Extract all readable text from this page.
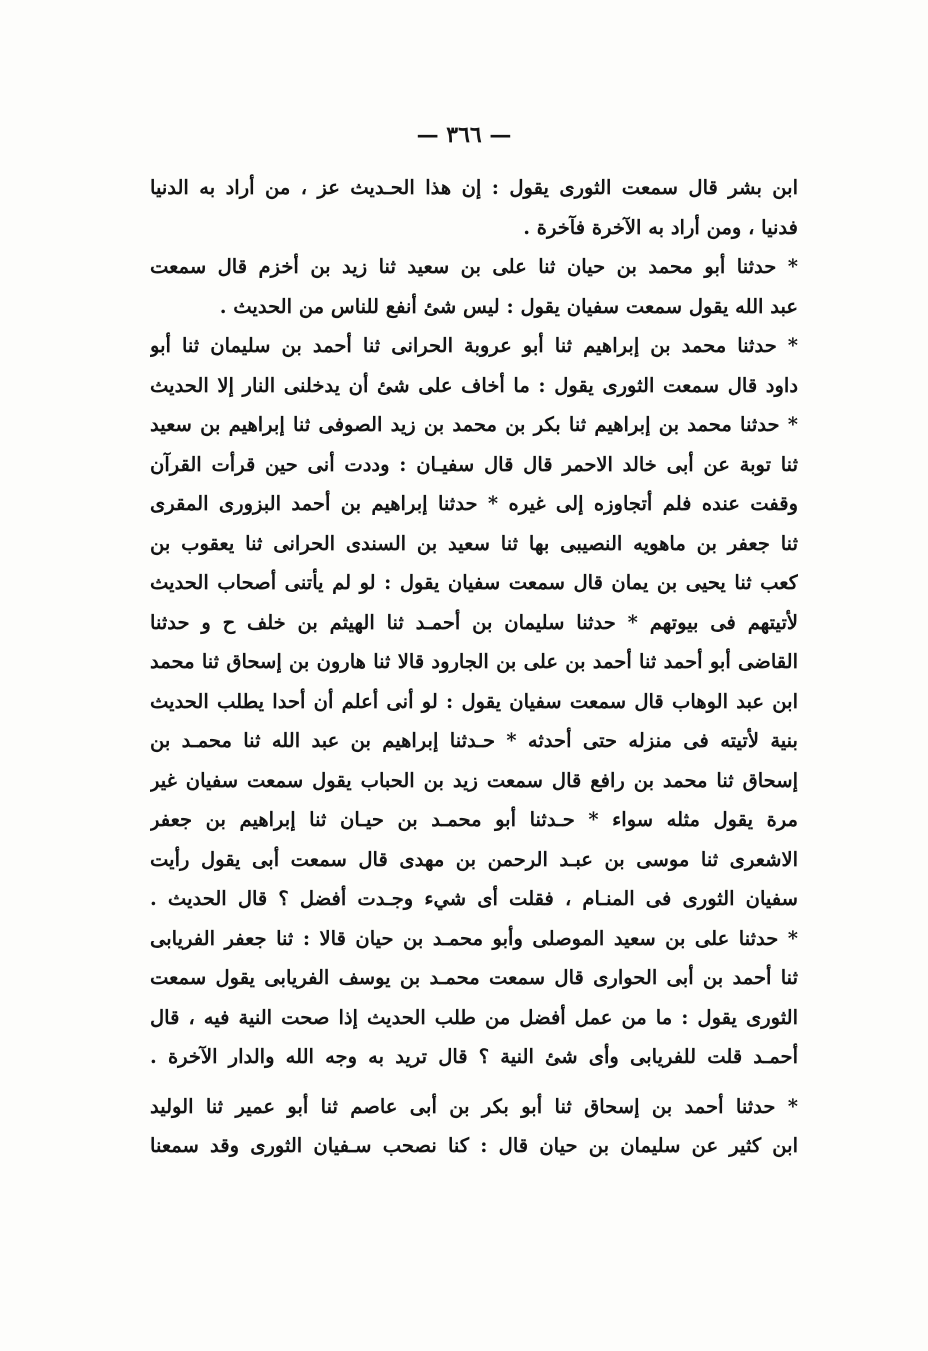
— ٣٦٦ —
ابن بشر قال سمعت الثورى يقول : إن هذا الحـديث عز ، من أراد به الدنيا
فدنيا ، ومن أراد به الآخرة فآخرة .
* حدثنا أبو محمد بن حيان ثنا على بن سعيد ثنا زيد بن أخزم قال سمعت
عبد الله يقول سمعت سفيان يقول : ليس شئ أنفع للناس من الحديث .
* حدثنا محمد بن إبراهيم ثنا أبو عروبة الحرانى ثنا أحمد بن سليمان ثنا أبو
داود قال سمعت الثورى يقول : ما أخاف على شئ أن يدخلنى النار إلا الحديث
* حدثنا محمد بن إبراهيم ثنا بكر بن محمد بن زيد الصوفى ثنا إبراهيم بن سعيد
ثنا توبة عن أبى خالد الاحمر قال قال سفيـان : وددت أنى حين قرأت القرآن
وقفت عنده فلم أتجاوزه إلى غيره * حدثنا إبراهيم بن أحمد البزورى المقرى
ثنا جعفر بن ماهويه النصيبى بها ثنا سعيد بن السندى الحرانى ثنا يعقوب بن
كعب ثنا يحيى بن يمان قال سمعت سفيان يقول : لو لم يأتنى أصحاب الحديث
لأتيتهم فى بيوتهم * حدثنا سليمان بن أحمـد ثنا الهيثم بن خلف ح و حدثنا
القاضى أبو أحمد ثنا أحمد بن على بن الجارود قالا ثنا هارون بن إسحاق ثنا محمد
ابن عبد الوهاب قال سمعت سفيان يقول : لو أنى أعلم أن أحدا يطلب الحديث
بنية لأتيته فى منزله حتى أحدثه * حـدثنا إبراهيم بن عبد الله ثنا محمـد بن
إسحاق ثنا محمد بن رافع قال سمعت زيد بن الحباب يقول سمعت سفيان غير
مرة يقول مثله سواء * حـدثنا أبو محمـد بن حيـان ثنا إبراهيم بن جعفر
الاشعرى ثنا موسى بن عبـد الرحمن بن مهدى قال سمعت أبى يقول رأيت
سفيان الثورى فى المنـام ، فقلت أى شيء وجـدت أفضل ؟ قال الحديث .
* حدثنا على بن سعيد الموصلى وأبو محمـد بن حيان قالا : ثنا جعفر الفريابى
ثنا أحمد بن أبى الحوارى قال سمعت محمـد بن يوسف الفريابى يقول سمعت
الثورى يقول : ما من عمل أفضل من طلب الحديث إذا صحت النية فيه ، قال
أحمـد قلت للفريابى وأى شئ النية ؟ قال تريد به وجه الله والدار الآخرة .
* حدثنا أحمد بن إسحاق ثنا أبو بكر بن أبى عاصم ثنا أبو عمير ثنا الوليد
ابن كثير عن سليمان بن حيان قال : كنا نصحب سـفيان الثورى وقد سمعنا
